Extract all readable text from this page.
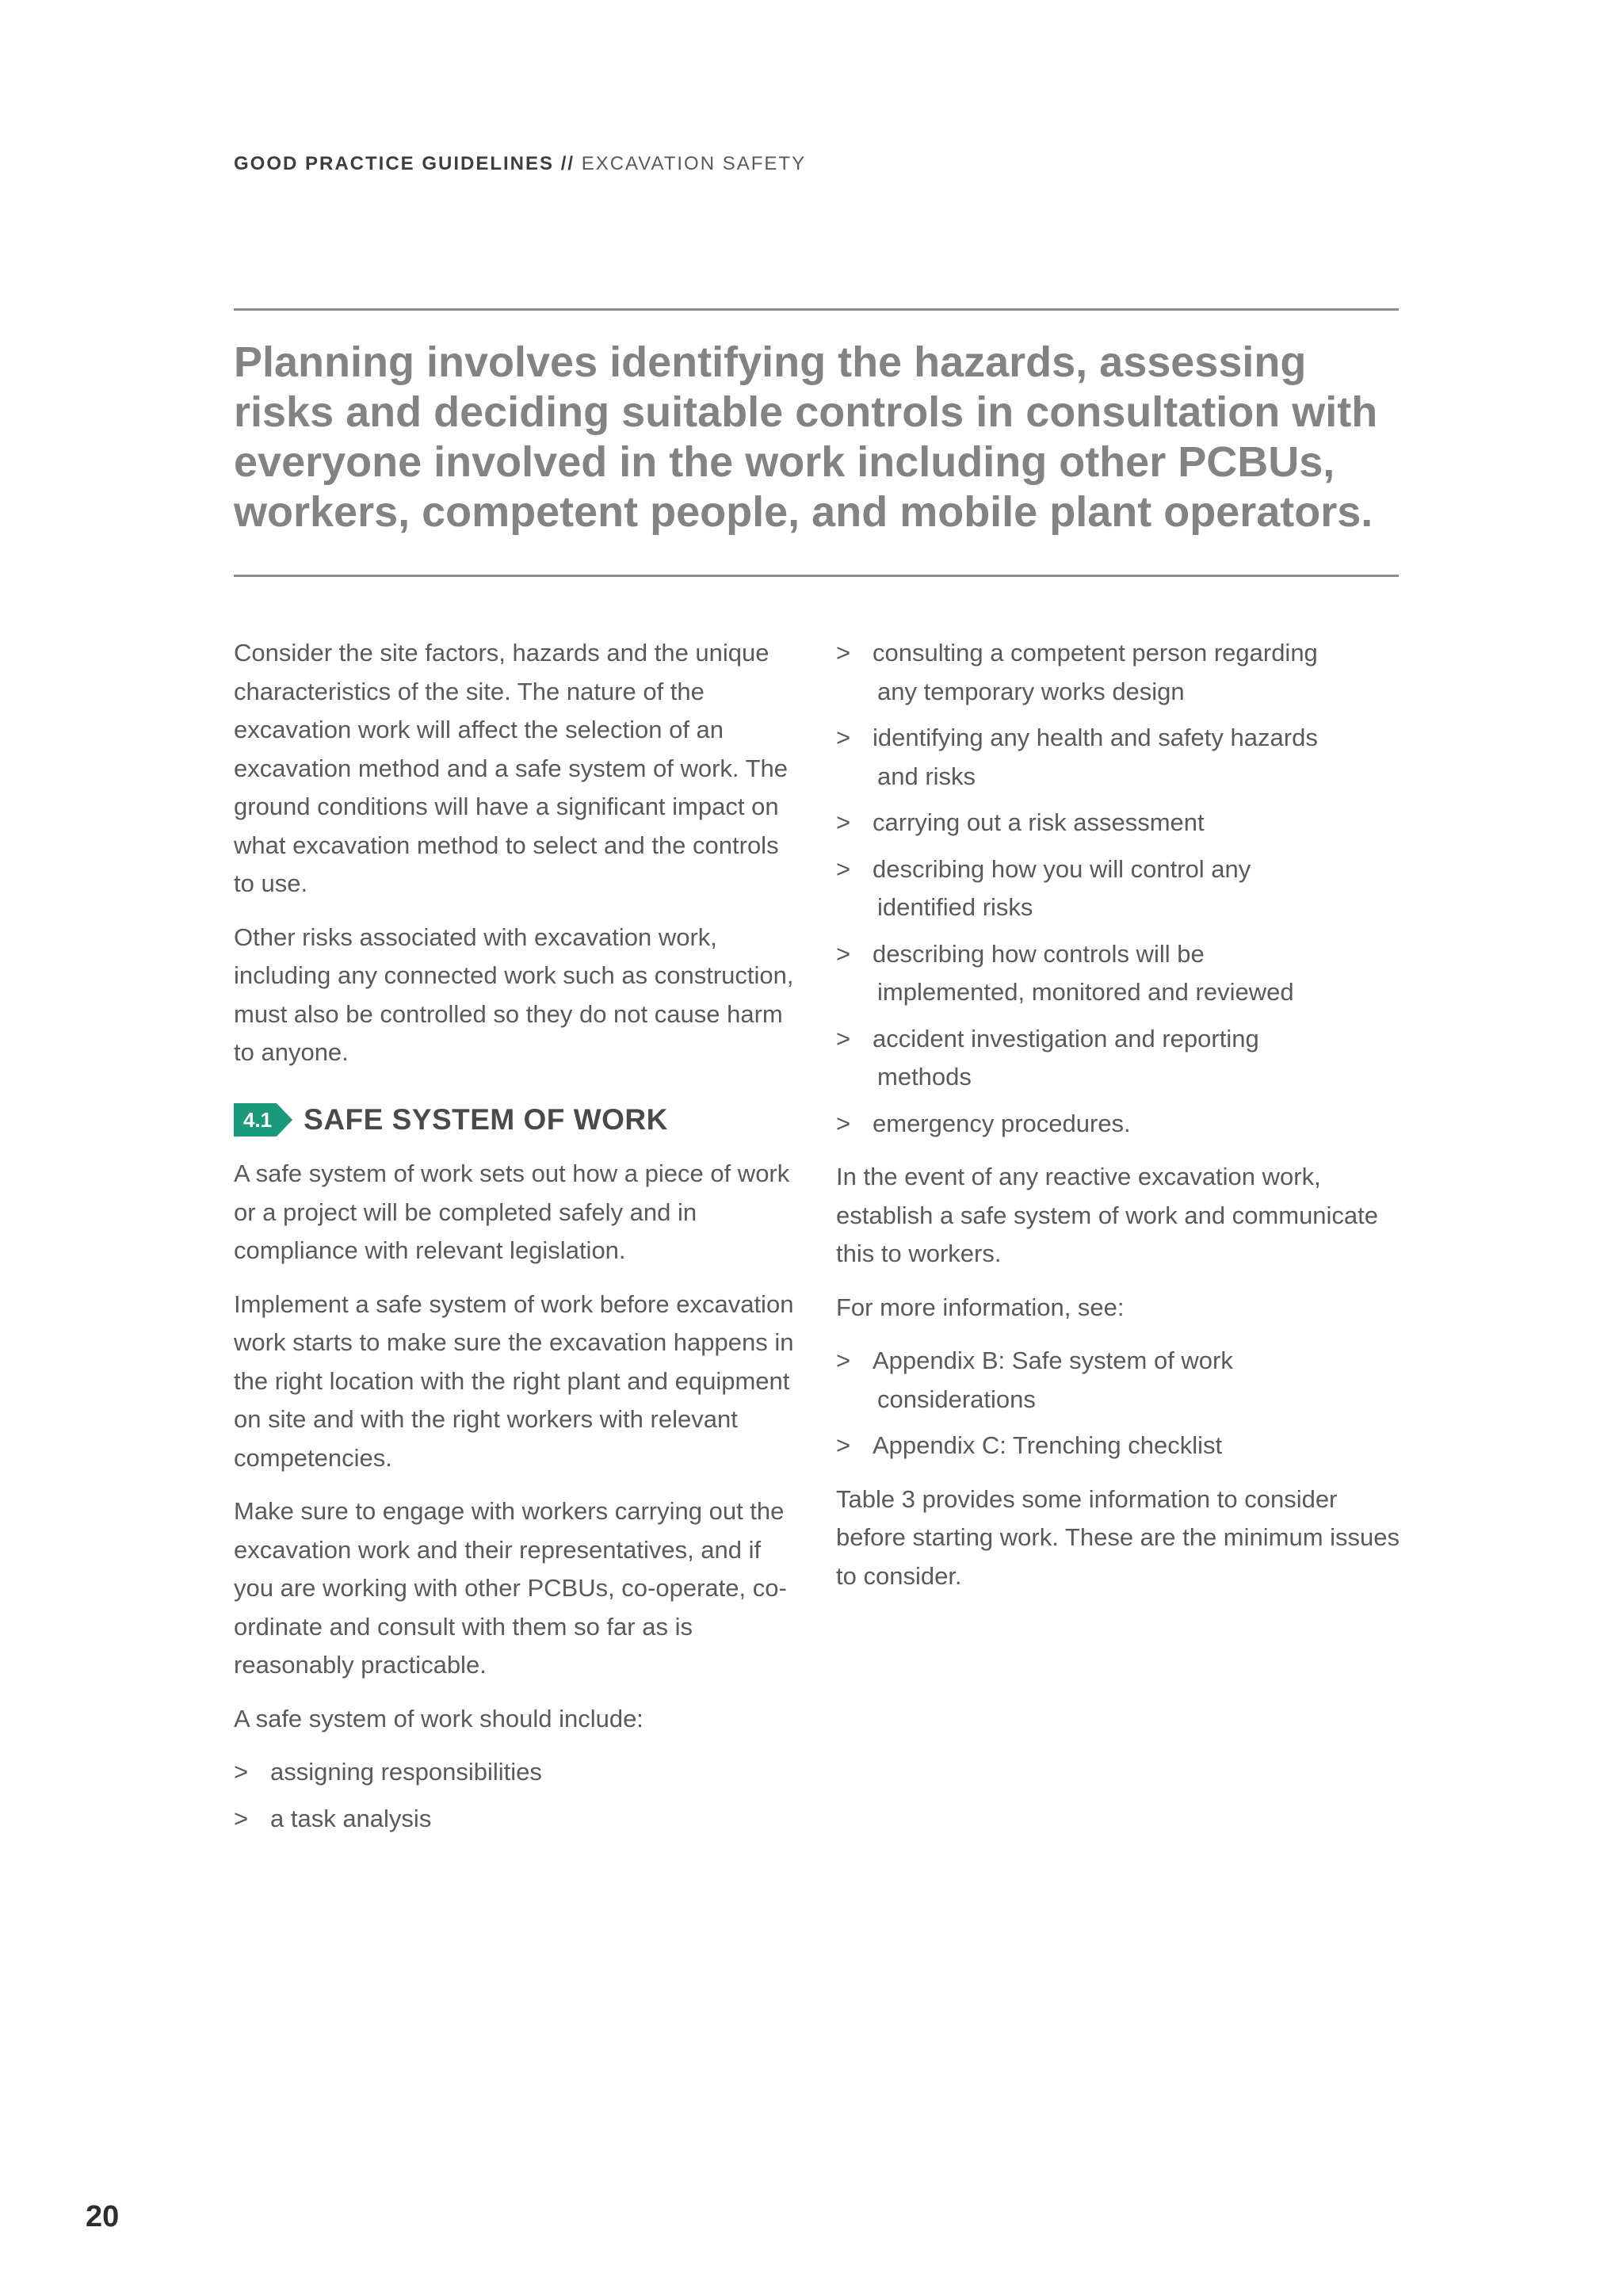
GOOD PRACTICE GUIDELINES // EXCAVATION SAFETY

Planning involves identifying the hazards, assessing risks and deciding suitable controls in consultation with everyone involved in the work including other PCBUs, workers, competent people, and mobile plant operators.

Consider the site factors, hazards and the unique characteristics of the site. The nature of the excavation work will affect the selection of an excavation method and a safe system of work. The ground conditions will have a significant impact on what excavation method to select and the controls to use.

Other risks associated with excavation work, including any connected work such as construction, must also be controlled so they do not cause harm to anyone.

4.1 SAFE SYSTEM OF WORK

A safe system of work sets out how a piece of work or a project will be completed safely and in compliance with relevant legislation.

Implement a safe system of work before excavation work starts to make sure the excavation happens in the right location with the right plant and equipment on site and with the right workers with relevant competencies.

Make sure to engage with workers carrying out the excavation work and their representatives, and if you are working with other PCBUs, co-operate, co-ordinate and consult with them so far as is reasonably practicable.

A safe system of work should include:

> assigning responsibilities
> a task analysis
> consulting a competent person regarding
any temporary works design
> identifying any health and safety hazards
and risks
> carrying out a risk assessment
> describing how you will control any
identified risks
> describing how controls will be
implemented, monitored and reviewed
> accident investigation and reporting
methods
> emergency procedures.

In the event of any reactive excavation work, establish a safe system of work and communicate this to workers.

For more information, see:

> Appendix B: Safe system of work
considerations
> Appendix C: Trenching checklist

Table 3 provides some information to consider before starting work. These are the minimum issues to consider.

20
